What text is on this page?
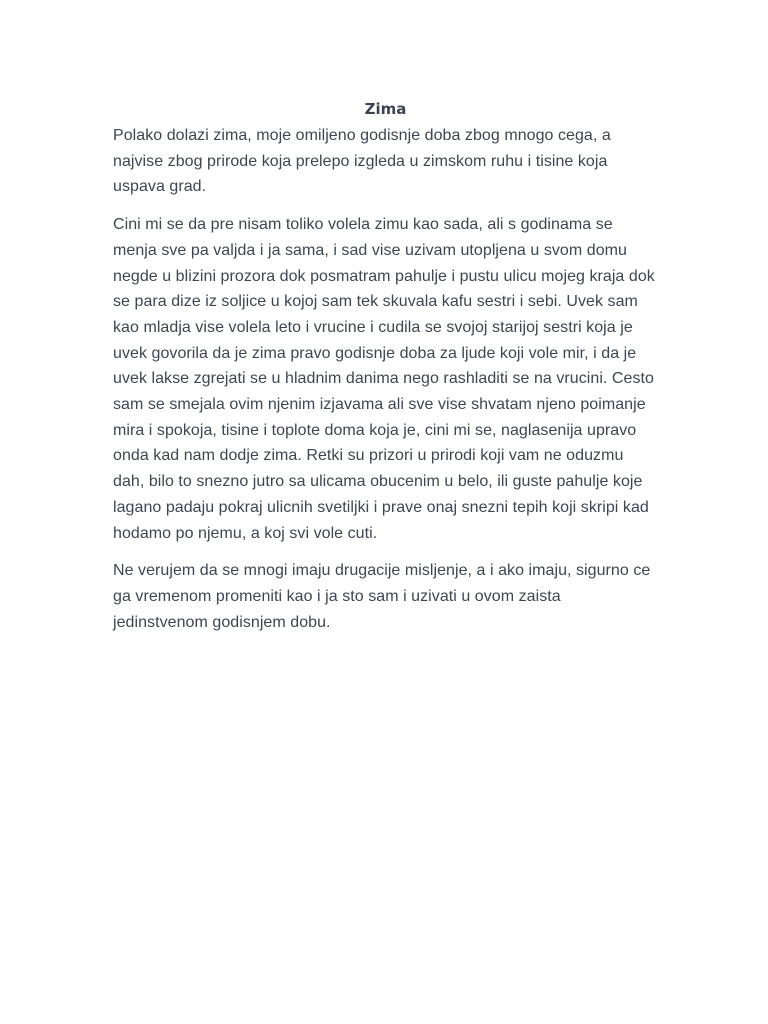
Zima

Polako dolazi zima, moje omiljeno godisnje doba zbog mnogo cega, a najvise zbog prirode koja prelepo izgleda u zimskom ruhu i tisine koja uspava grad.

Cini mi se da pre nisam toliko volela zimu kao sada, ali s godinama se menja sve pa valjda i ja sama, i sad vise uzivam utopljena u svom domu negde u blizini prozora dok posmatram pahulje i pustu ulicu mojeg kraja dok se para dize iz soljice u kojoj sam tek skuvala kafu sestri i sebi. Uvek sam kao mladja vise volela leto i vrucine i cudila se svojoj starijoj sestri koja je uvek govorila da je zima pravo godisnje doba za ljude koji vole mir, i da je uvek lakse zgrejati se u hladnim danima nego rashladiti se na vrucini. Cesto sam se smejala ovim njenim izjavama ali sve vise shvatam njeno poimanje mira i spokoja, tisine i toplote doma koja je, cini mi se, naglasenija upravo onda kad nam dodje zima. Retki su prizori u prirodi koji vam ne oduzmu dah, bilo to snezno jutro sa ulicama obucenim u belo, ili guste pahulje koje lagano padaju pokraj ulicnih svetiljki i prave onaj snezni tepih koji skripi kad hodamo po njemu, a koj svi vole cuti.

Ne verujem da se mnogi imaju drugacije misljenje, a i ako imaju, sigurno ce ga vremenom promeniti kao i ja sto sam i uzivati u ovom zaista jedinstvenom godisnjem dobu.
